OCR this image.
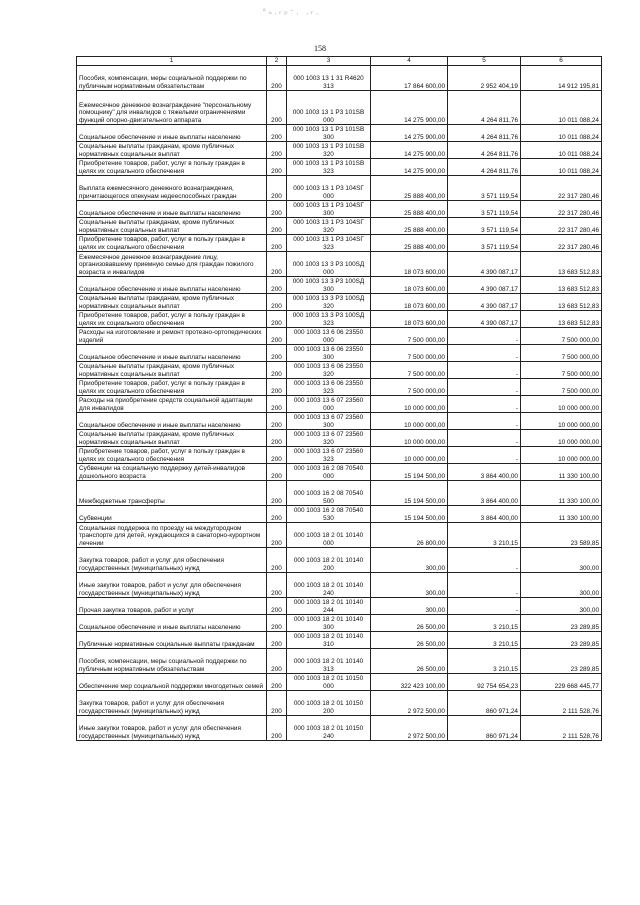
˚ᵃ·ʳᵖ˘· ·ʳ·
158
1	2	3	4	5	6
Пособия, компенсации, меры социальной поддержки по публичным нормативным обязательствам	200	000 1003 13 1 31 R4620 313	17 864 600,00	2 952 404,19	14 912 195,81
Ежемесячное денежное вознаграждение "персональному помощнику" для инвалидов с тяжелыми ограничениями функций опорно-двигательного аппарата	200	000 1003 13 1 P3 101SB 000	14 275 900,00	4 264 811,76	10 011 088,24
Социальное обеспечение и иные выплаты населению	200	000 1003 13 1 P3 101SB 300	14 275 900,00	4 264 811,76	10 011 088,24
Социальные выплаты гражданам, кроме публичных нормативных социальных выплат	200	000 1003 13 1 P3 101SB 320	14 275 900,00	4 264 811,76	10 011 088,24
Приобретение товаров, работ, услуг в пользу граждан в целях их социального обеспечения	200	000 1003 13 1 P3 101SB 323	14 275 900,00	4 264 811,76	10 011 088,24
Выплата ежемесячного денежного вознаграждения, причитающегося опекунам недееспособных граждан	200	000 1003 13 1 P3 104SГ 000	25 888 400,00	3 571 119,54	22 317 280,46
Социальное обеспечение и иные выплаты населению	200	000 1003 13 1 P3 104SГ 300	25 888 400,00	3 571 119,54	22 317 280,46
Социальные выплаты гражданам, кроме публичных нормативных социальных выплат	200	000 1003 13 1 P3 104SГ 320	25 888 400,00	3 571 119,54	22 317 280,46
Приобретение товаров, работ, услуг в пользу граждан в целях их социального обеспечения	200	000 1003 13 1 P3 104SГ 323	25 888 400,00	3 571 119,54	22 317 280,46
Ежемесячное денежное вознаграждение лицу, организовавшему приемную семью для граждан пожилого возраста и инвалидов	200	000 1003 13 3 P3 100SД 000	18 073 600,00	4 390 087,17	13 683 512,83
Социальное обеспечение и иные выплаты населению	200	000 1003 13 3 P3 100SД 300	18 073 600,00	4 390 087,17	13 683 512,83
Социальные выплаты гражданам, кроме публичных нормативных социальных выплат	200	000 1003 13 3 P3 100SД 320	18 073 600,00	4 390 087,17	13 683 512,83
Приобретение товаров, работ, услуг в пользу граждан в целях их социального обеспечения	200	000 1003 13 3 P3 100SД 323	18 073 600,00	4 390 087,17	13 683 512,83
Расходы на изготовление и ремонт протезно-ортопедических изделий	200	000 1003 13 6 06 23550 000	7 500 000,00	-	7 500 000,00
Социальное обеспечение и иные выплаты населению	200	000 1003 13 6 06 23550 300	7 500 000,00	-	7 500 000,00
Социальные выплаты гражданам, кроме публичных нормативных социальных выплат	200	000 1003 13 6 06 23550 320	7 500 000,00	-	7 500 000,00
Приобретение товаров, работ, услуг в пользу граждан в целях их социального обеспечения	200	000 1003 13 6 06 23550 323	7 500 000,00	-	7 500 000,00
Расходы на приобретение средств социальной адаптации для инвалидов	200	000 1003 13 6 07 23560 000	10 000 000,00	-	10 000 000,00
Социальное обеспечение и иные выплаты населению	200	000 1003 13 6 07 23560 300	10 000 000,00	-	10 000 000,00
Социальные выплаты гражданам, кроме публичных нормативных социальных выплат	200	000 1003 13 6 07 23560 320	10 000 000,00	-	10 000 000,00
Приобретение товаров, работ, услуг в пользу граждан в целях их социального обеспечения	200	000 1003 13 6 07 23560 323	10 000 000,00	-	10 000 000,00
Субвенции на социальную поддержку детей-инвалидов дошкольного возраста	200	000 1003 16 2 08 70540 000	15 194 500,00	3 864 400,00	11 330 100,00
Межбюджетные трансферты	200	000 1003 16 2 08 70540 500	15 194 500,00	3 864 400,00	11 330 100,00
Субвенции	200	000 1003 16 2 08 70540 530	15 194 500,00	3 864 400,00	11 330 100,00
Социальная поддержка по проезду на междугородном транспорте для детей, нуждающихся в санаторно-курортном лечении	200	000 1003 18 2 01 10140 000	26 800,00	3 210,15	23 589,85
Закупка товаров, работ и услуг для обеспечения государственных (муниципальных) нужд	200	000 1003 18 2 01 10140 200	300,00	-	300,00
Иные закупки товаров, работ и услуг для обеспечения государственных (муниципальных) нужд	200	000 1003 18 2 01 10140 240	300,00	-	300,00
Прочая закупка товаров, работ и услуг	200	000 1003 18 2 01 10140 244	300,00	-	300,00
Социальное обеспечение и иные выплаты населению	200	000 1003 18 2 01 10140 300	26 500,00	3 210,15	23 289,85
Публичные нормативные социальные выплаты гражданам	200	000 1003 18 2 01 10140 310	26 500,00	3 210,15	23 289,85
Пособия, компенсации, меры социальной поддержки по публичным нормативным обязательствам	200	000 1003 18 2 01 10140 313	26 500,00	3 210,15	23 289,85
Обеспечение мер социальной поддержки многодетных семей	200	000 1003 18 2 01 10150 000	322 423 100,00	92 754 654,23	229 668 445,77
Закупка товаров, работ и услуг для обеспечения государственных (муниципальных) нужд	200	000 1003 18 2 01 10150 200	2 972 500,00	860 971,24	2 111 528,76
Иные закупки товаров, работ и услуг для обеспечения государственных (муниципальных) нужд	200	000 1003 18 2 01 10150 240	2 972 500,00	860 971,24	2 111 528,76
